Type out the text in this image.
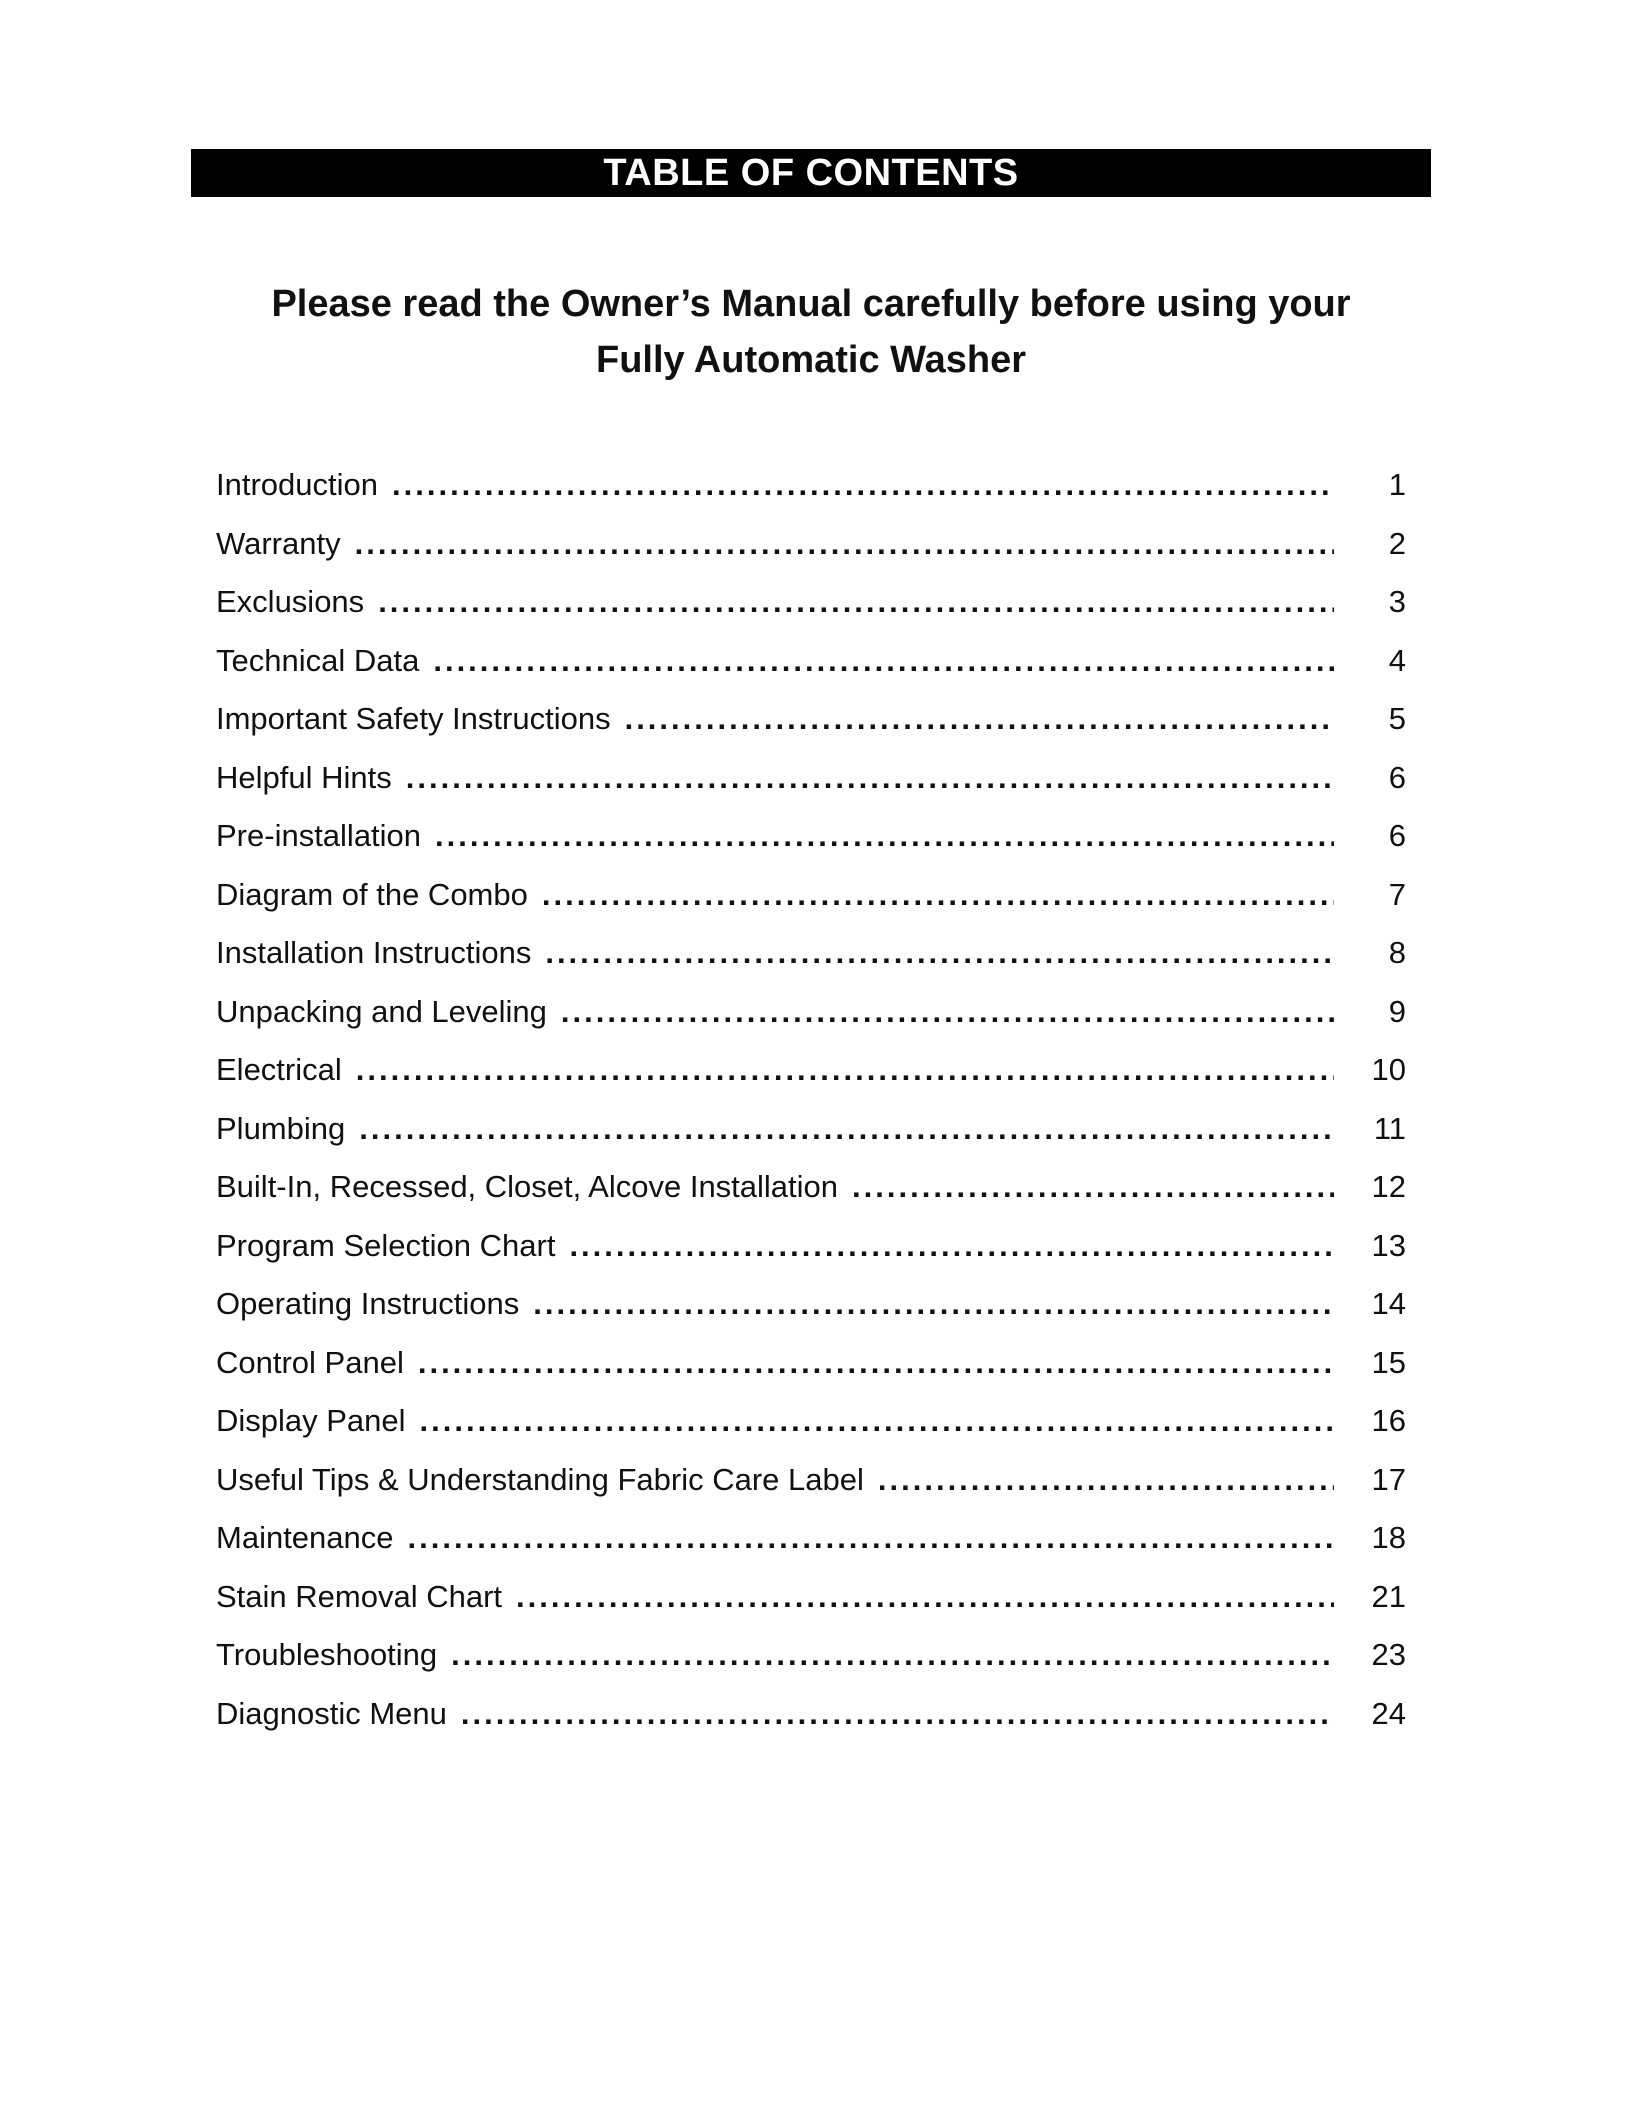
TABLE OF CONTENTS
Please read the Owner’s Manual carefully before using your
Fully Automatic Washer
Introduction .....	1
Warranty .....	2
Exclusions .....	3
Technical Data .....	4
Important Safety Instructions .....	5
Helpful Hints .....	6
Pre-installation .....	6
Diagram of the Combo .....	7
Installation Instructions .....	8
Unpacking and Leveling .....	9
Electrical .....	10
Plumbing .....	11
Built-In, Recessed, Closet, Alcove Installation .....	12
Program Selection Chart .....	13
Operating Instructions .....	14
Control Panel .....	15
Display Panel .....	16
Useful Tips & Understanding Fabric Care Label .....	17
Maintenance .....	18
Stain Removal Chart .....	21
Troubleshooting .....	23
Diagnostic Menu .....	24
